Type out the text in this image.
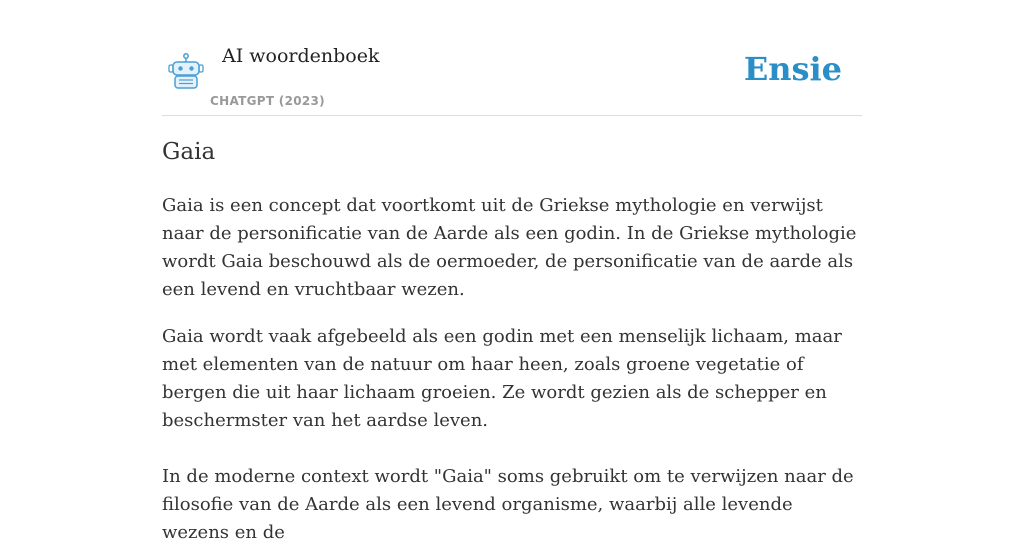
AI woordenboek
CHATGPT (2023)
Ensie
Gaia

Gaia is een concept dat voortkomt uit de Griekse mythologie en verwijst naar de personificatie van de Aarde als een godin. In de Griekse mythologie wordt Gaia beschouwd als de oermoeder, de personificatie van de aarde als een levend en vruchtbaar wezen.

Gaia wordt vaak afgebeeld als een godin met een menselijk lichaam, maar met elementen van de natuur om haar heen, zoals groene vegetatie of bergen die uit haar lichaam groeien. Ze wordt gezien als de schepper en beschermster van het aardse leven.

In de moderne context wordt "Gaia" soms gebruikt om te verwijzen naar de filosofie van de Aarde als een levend organisme, waarbij alle levende wezens en de
